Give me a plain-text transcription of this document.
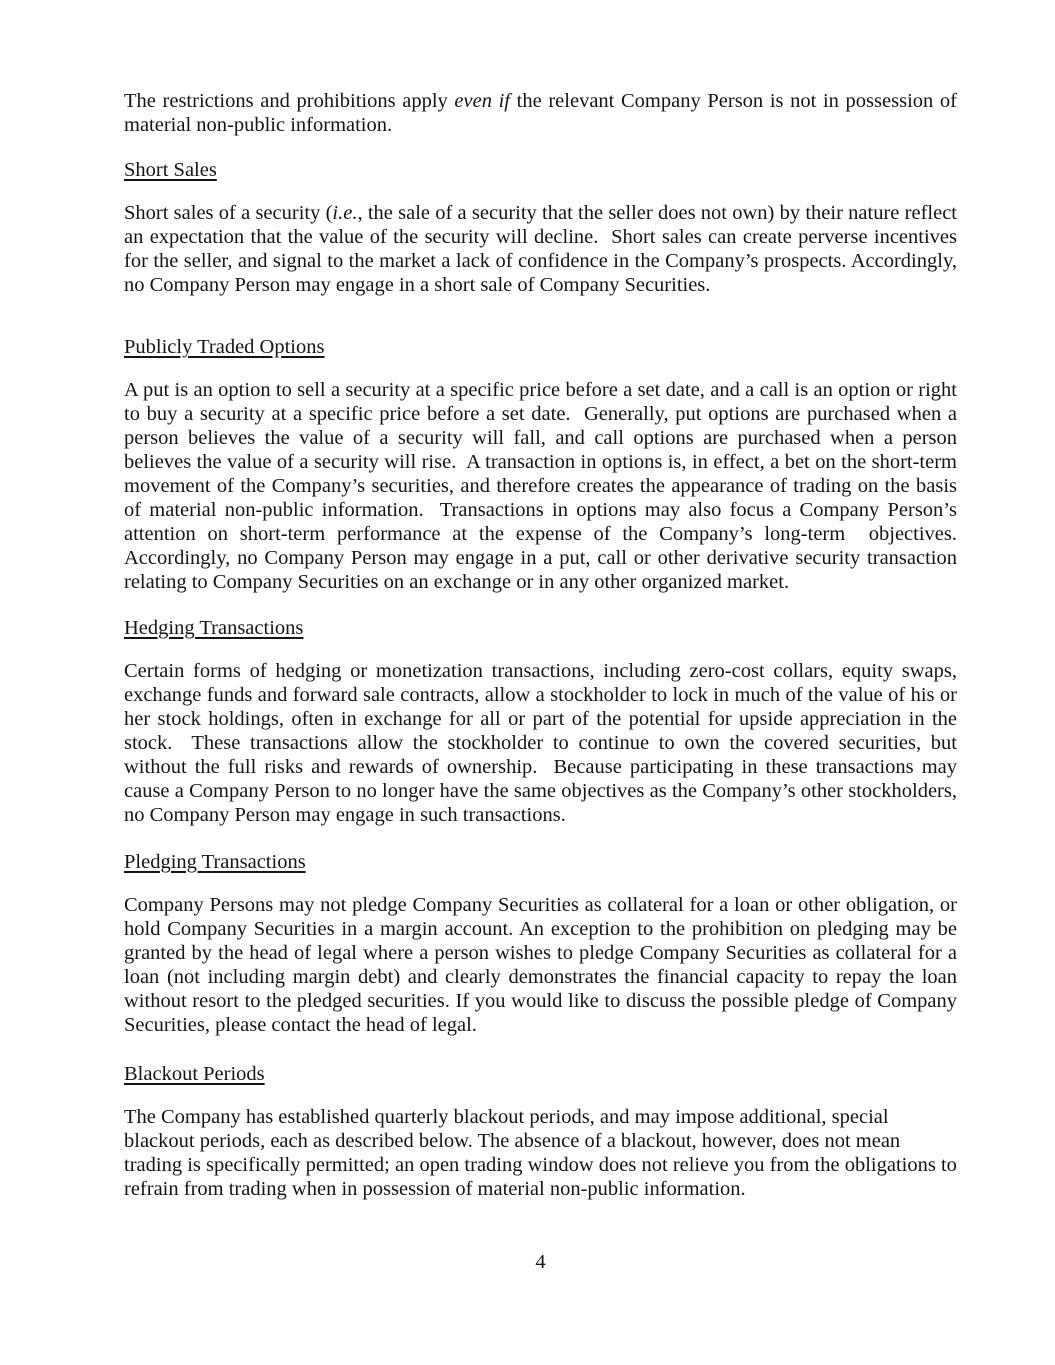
The restrictions and prohibitions apply even if the relevant Company Person is not in possession of material non-public information.

Short Sales

Short sales of a security (i.e., the sale of a security that the seller does not own) by their nature reflect an expectation that the value of the security will decline.  Short sales can create perverse incentives for the seller, and signal to the market a lack of confidence in the Company’s prospects. Accordingly, no Company Person may engage in a short sale of Company Securities.

Publicly Traded Options

A put is an option to sell a security at a specific price before a set date, and a call is an option or right to buy a security at a specific price before a set date.  Generally, put options are purchased when a person believes the value of a security will fall, and call options are purchased when a person believes the value of a security will rise.  A transaction in options is, in effect, a bet on the short-term movement of the Company’s securities, and therefore creates the appearance of trading on the basis of material non-public information.  Transactions in options may also focus a Company Person’s attention on short-term performance at the expense of the Company’s long-term  objectives.  Accordingly, no Company Person may engage in a put, call or other derivative security transaction relating to Company Securities on an exchange or in any other organized market.

Hedging Transactions

Certain forms of hedging or monetization transactions, including zero-cost collars, equity swaps, exchange funds and forward sale contracts, allow a stockholder to lock in much of the value of his or her stock holdings, often in exchange for all or part of the potential for upside appreciation in the stock.  These transactions allow the stockholder to continue to own the covered securities, but without the full risks and rewards of ownership.  Because participating in these transactions may cause a Company Person to no longer have the same objectives as the Company’s other stockholders, no Company Person may engage in such transactions.

Pledging Transactions

Company Persons may not pledge Company Securities as collateral for a loan or other obligation, or hold Company Securities in a margin account. An exception to the prohibition on pledging may be granted by the head of legal where a person wishes to pledge Company Securities as collateral for a loan (not including margin debt) and clearly demonstrates the financial capacity to repay the loan without resort to the pledged securities. If you would like to discuss the possible pledge of Company Securities, please contact the head of legal.

Blackout Periods

The Company has established quarterly blackout periods, and may impose additional, special blackout periods, each as described below. The absence of a blackout, however, does not mean trading is specifically permitted; an open trading window does not relieve you from the obligations to refrain from trading when in possession of material non-public information.

4
